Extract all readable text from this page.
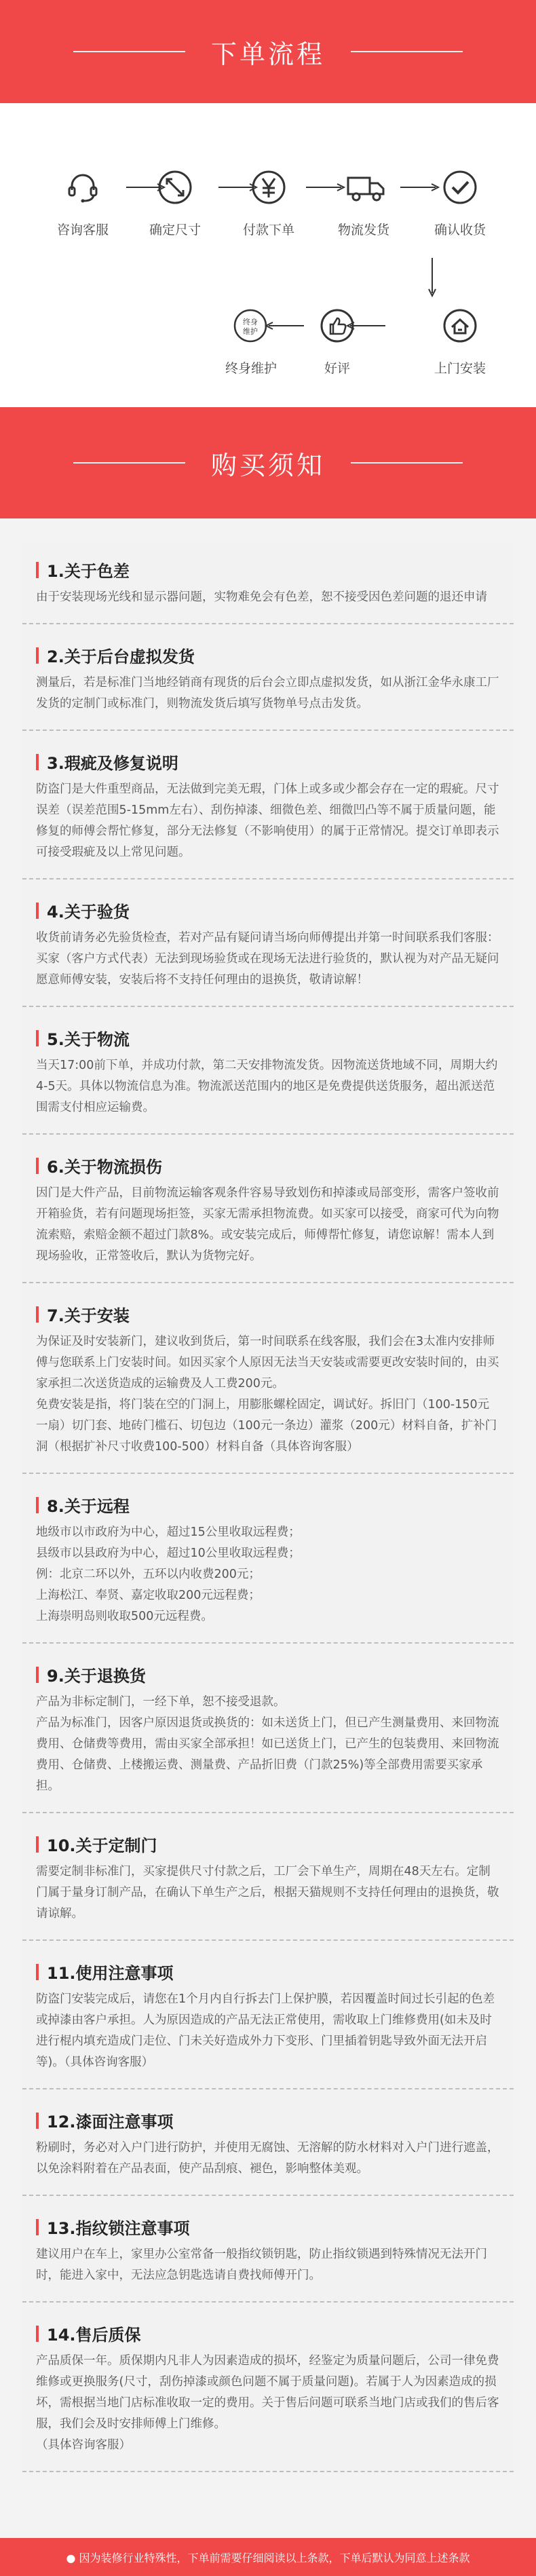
下单流程
咨询客服	确定尺寸	付款下单	物流发货	确认收货
上门安装
好评
终身
维护
终身维护
购买须知
1.关于色差

由于安装现场光线和显示器问题，实物难免会有色差，恕不接受因色差问题的退还申请

2.关于后台虚拟发货

测量后，若是标准门当地经销商有现货的后台会立即点虚拟发货，如从浙江金华永康工厂发货的定制门或标准门，则物流发货后填写货物单号点击发货。

3.瑕疵及修复说明

防盗门是大件重型商品，无法做到完美无瑕，门体上或多或少都会存在一定的瑕疵。尺寸误差（误差范围5-15mm左右）、刮伤掉漆、细微色差、细微凹凸等不属于质量问题，能修复的师傅会帮忙修复，部分无法修复（不影响使用）的属于正常情况。提交订单即表示可接受瑕疵及以上常见问题。

4.关于验货

收货前请务必先验货检查，若对产品有疑问请当场向师傅提出并第一时间联系我们客服：买家（客户方式代表）无法到现场验货或在现场无法进行验货的，默认视为对产品无疑问愿意师傅安装，安装后将不支持任何理由的退换货，敬请谅解！

5.关于物流

当天17:00前下单，并成功付款，第二天安排物流发货。因物流送货地域不同，周期大约4-5天。具体以物流信息为准。物流派送范围内的地区是免费提供送货服务，超出派送范围需支付相应运输费。

6.关于物流损伤

因门是大件产品，目前物流运输客观条件容易导致划伤和掉漆或局部变形，需客户签收前开箱验货，若有问题现场拒签，买家无需承担物流费。如买家可以接受，商家可代为向物流索赔，索赔金额不超过门款8%。或安装完成后，师傅帮忙修复，请您谅解！需本人到现场验收，正常签收后，默认为货物完好。

7.关于安装

为保证及时安装新门，建议收到货后，第一时间联系在线客服，我们会在3太准内安排师傅与您联系上门安装时间。如因买家个人原因无法当天安装或需要更改安装时间的，由买家承担二次送货造成的运输费及人工费200元。
免费安装是指，将门装在空的门洞上，用膨胀螺栓固定，调试好。拆旧门（100-150元一扇）切门套、地砖门槛石、切包边（100元一条边）灌浆（200元）材料自备，扩补门洞（根据扩补尺寸收费100-500）材料自备（具体咨询客服）

8.关于远程

地级市以市政府为中心，超过15公里收取远程费；
县级市以县政府为中心，超过10公里收取远程费；
例：北京二环以外，五环以内收费200元；
上海松江、奉贤、嘉定收取200元远程费；
上海崇明岛则收取500元远程费。

9.关于退换货

产品为非标定制门，一经下单，恕不接受退款。
产品为标准门，因客户原因退货或换货的：如未送货上门，但已产生测量费用、来回物流费用、仓储费等费用，需由买家全部承担！如已送货上门，已产生的包装费用、来回物流费用、仓储费、上楼搬运费、测量费、产品折旧费（门款25%)等全部费用需要买家承担。

10.关于定制门

需要定制非标准门，买家提供尺寸付款之后，工厂会下单生产，周期在48天左右。定制门属于量身订制产品，在确认下单生产之后，根据天猫规则不支持任何理由的退换货，敬请谅解。

11.使用注意事项

防盗门安装完成后，请您在1个月内自行拆去门上保护膜，若因覆盖时间过长引起的色差或掉漆由客户承担。人为原因造成的产品无法正常使用，需收取上门维修费用(如未及时进行棍内填充造成门走位、门未关好造成外力下变形、门里插着钥匙导致外面无法开启等)。（具体咨询客服）

12.漆面注意事项

粉刷时，务必对入户门进行防护，并使用无腐蚀、无溶解的防水材料对入户门进行遮盖，以免涂料附着在产品表面，使产品刮痕、褪色，影响整体美观。

13.指纹锁注意事项

建议用户在车上，家里办公室常备一般指纹锁钥匙，防止指纹锁遇到特殊情况无法开门时，能进入家中，无法应急钥匙选请自费找师傅开门。

14.售后质保

产品质保一年。质保期内凡非人为因素造成的损坏，经鉴定为质量问题后，公司一律免费维修或更换服务(尺寸，刮伤掉漆或颜色问题不属于质量问题)。若属于人为因素造成的损坏，需根据当地门店标准收取一定的费用。关于售后问题可联系当地门店或我们的售后客服，我们会及时安排师傅上门维修。
（具体咨询客服）

● 因为装修行业特殊性，下单前需要仔细阅读以上条款，下单后默认为同意上述条款
